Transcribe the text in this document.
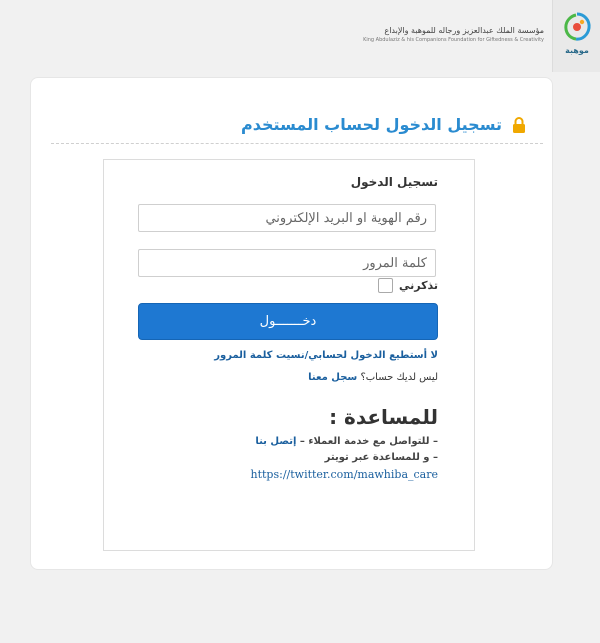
مؤسسة الملك عبدالعزيز ورجاله للموهبة والإبداع
King Abdulaziz & his Companions Foundation for Giftedness & Creativity
موهبة
تسجيل الدخول لحساب المستخدم
تسجيل الدخول
رقم الهوية او البريد الإلكتروني
تذكرني
دخـــــــول
لا أستطيع الدخول لحسابي/نسيت كلمة المرور
ليس لديك حساب؟ سجل معنا
للمساعدة :
– للتواصل مع خدمة العملاء – إتصل بنا
– و للمساعدة عبر تويتر
https://twitter.com/mawhiba_care
